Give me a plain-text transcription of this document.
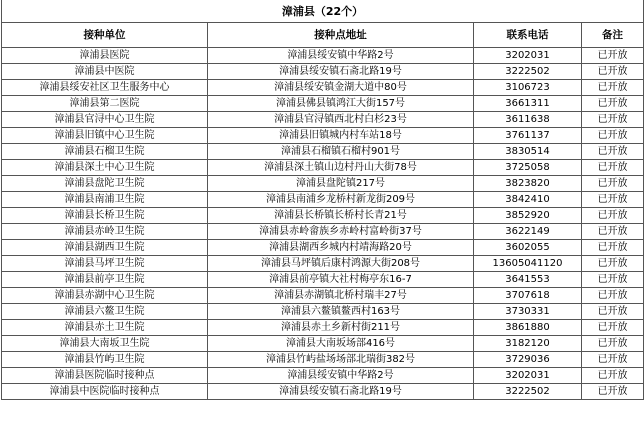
漳浦县（22个）			
接种单位	接种点地址	联系电话	备注
漳浦县医院	漳浦县绥安镇中华路2号	3202031	已开放
漳浦县中医院	漳浦县绥安镇石斋北路19号	3222502	已开放
漳浦县绥安社区卫生服务中心	漳浦县绥安镇金湖大道中80号	3106723	已开放
漳浦县第二医院	漳浦县佛县镇鸿江大街157号	3661311	已开放
漳浦县官浔中心卫生院	漳浦县官浔镇西北村白杉23号	3611638	已开放
漳浦县旧镇中心卫生院	漳浦县旧镇城内村车站18号	3761137	已开放
漳浦县石榴卫生院	漳浦县石榴镇石榴村901号	3830514	已开放
漳浦县深土中心卫生院	漳浦县深土镇山边村丹山大街78号	3725058	已开放
漳浦县盘陀卫生院	漳浦县盘陀镇217号	3823820	已开放
漳浦县南浦卫生院	漳浦县南浦乡龙桥村新龙街209号	3842410	已开放
漳浦县长桥卫生院	漳浦县长桥镇长桥村长青21号	3852920	已开放
漳浦县赤岭卫生院	漳浦县赤岭畲族乡赤岭村富岭街37号	3622149	已开放
漳浦县湖西卫生院	漳浦县湖西乡城内村靖海路20号	3602055	已开放
漳浦县马坪卫生院	漳浦县马坪镇后康村鸿源大街208号	13605041120	已开放
漳浦县前亭卫生院	漳浦县前亭镇大社村梅亭东16-7	3641553	已开放
漳浦县赤湖中心卫生院	漳浦县赤湖镇北桥村瑞丰27号	3707618	已开放
漳浦县六鳌卫生院	漳浦县六鳌镇鳌西村163号	3730331	已开放
漳浦县赤土卫生院	漳浦县赤土乡新村街211号	3861880	已开放
漳浦县大南坂卫生院	漳浦县大南坂场部416号	3182120	已开放
漳浦县竹屿卫生院	漳浦县竹屿盐场场部北瑞街382号	3729036	已开放
漳浦县医院临时接种点	漳浦县绥安镇中华路2号	3202031	已开放
漳浦县中医院临时接种点	漳浦县绥安镇石斋北路19号	3222502	已开放
